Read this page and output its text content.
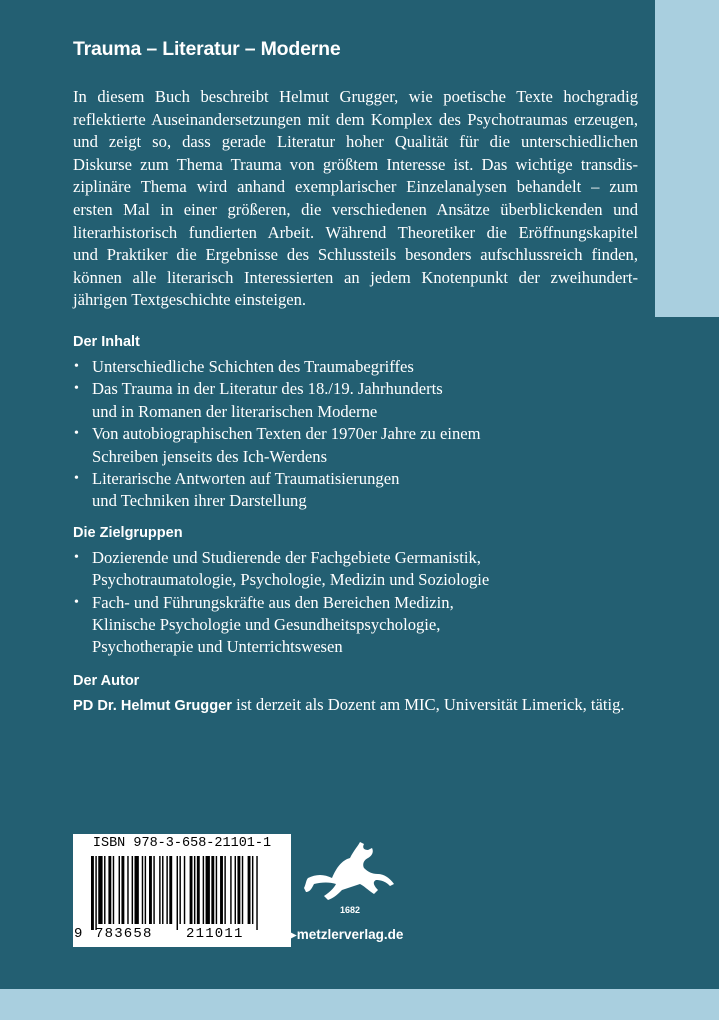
Trauma – Literatur – Moderne

In diesem Buch beschreibt Helmut Grugger, wie poetische Texte hochgradig
reflektierte Auseinandersetzungen mit dem Komplex des Psychotraumas erzeugen,
und zeigt so, dass gerade Literatur hoher Qualität für die unterschiedlichen
Diskurse zum Thema Trauma von größtem Interesse ist. Das wichtige transdis-
ziplinäre Thema wird anhand exemplarischer Einzelanalysen behandelt – zum
ersten Mal in einer größeren, die verschiedenen Ansätze überblickenden und
literarhistorisch fundierten Arbeit. Während Theoretiker die Eröffnungskapitel
und Praktiker die Ergebnisse des Schlussteils besonders aufschlussreich finden,
können alle literarisch Interessierten an jedem Knotenpunkt der zweihundert-
jährigen Textgeschichte einsteigen.

Der Inhalt
• Unterschiedliche Schichten des Traumabegriffes
• Das Trauma in der Literatur des 18./19. Jahrhunderts
und in Romanen der literarischen Moderne
• Von autobiographischen Texten der 1970er Jahre zu einem
Schreiben jenseits des Ich-Werdens
• Literarische Antworten auf Traumatisierungen
und Techniken ihrer Darstellung
Die Zielgruppen
• Dozierende und Studierende der Fachgebiete Germanistik,
Psychotraumatologie, Psychologie, Medizin und Soziologie
• Fach- und Führungskräfte aus den Bereichen Medizin,
Klinische Psychologie und Gesundheitspsychologie,
Psychotherapie und Unterrichtswesen
Der Autor

PD Dr. Helmut Grugger ist derzeit als Dozent am MIC, Universität Limerick, tätig.

ISBN 978-3-658-21101-1
9 783658 211011
1682
▸metzlerverlag.de
